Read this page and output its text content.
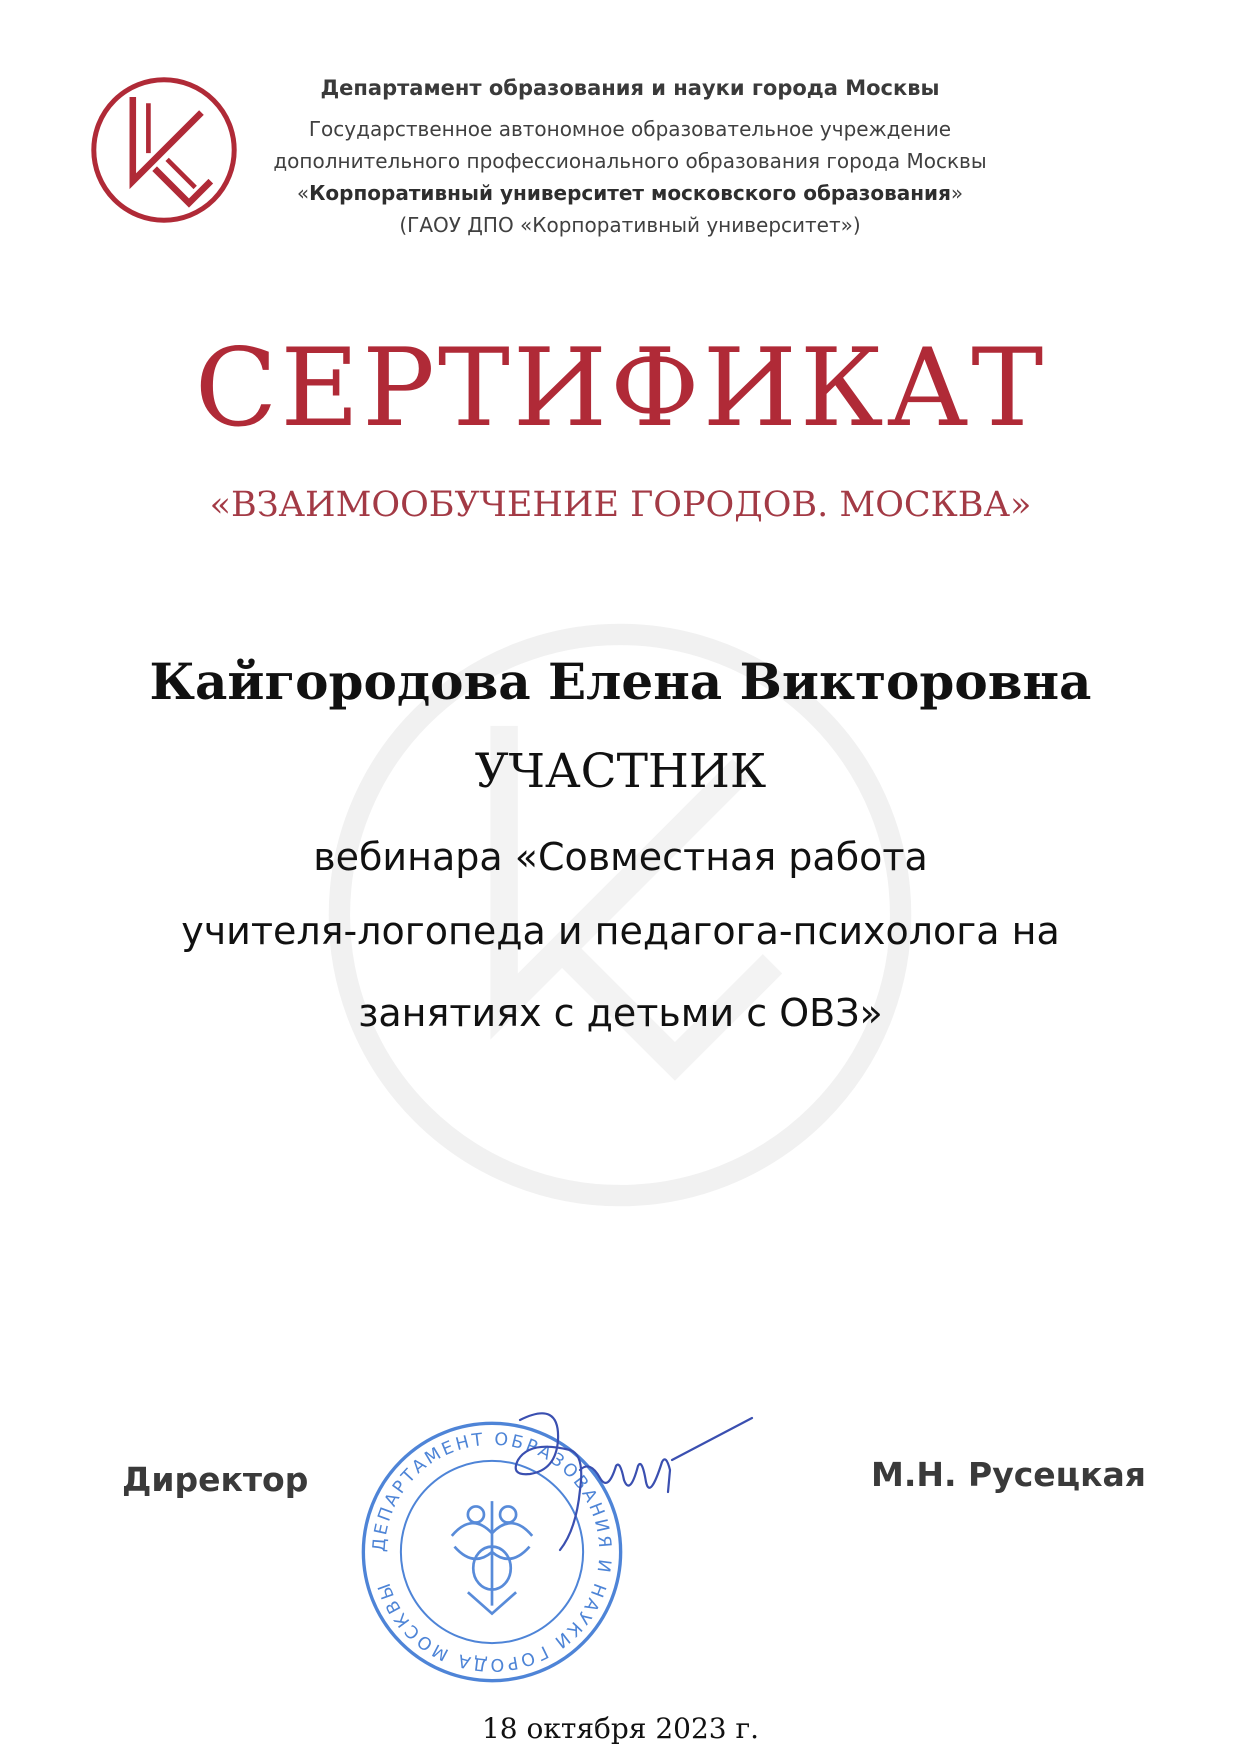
Департамент образования и науки города Москвы
Государственное автономное образовательное учреждение
дополнительного профессионального образования города Москвы
«Корпоративный университет московского образования»
(ГАОУ ДПО «Корпоративный университет»)
СЕРТИФИКАТ
«ВЗАИМООБУЧЕНИЕ ГОРОДОВ. МОСКВА»
Кайгородова Елена Викторовна
УЧАСТНИК
вебинара «Совместная работа
учителя-логопеда и педагога-психолога на
занятиях с детьми с ОВЗ»
Директор	М.Н. Русецкая
ДЕПАРТАМЕНТ ОБРАЗОВАНИЯ И НАУКИ ГОРОДА МОСКВЫ
18 октября 2023 г.
